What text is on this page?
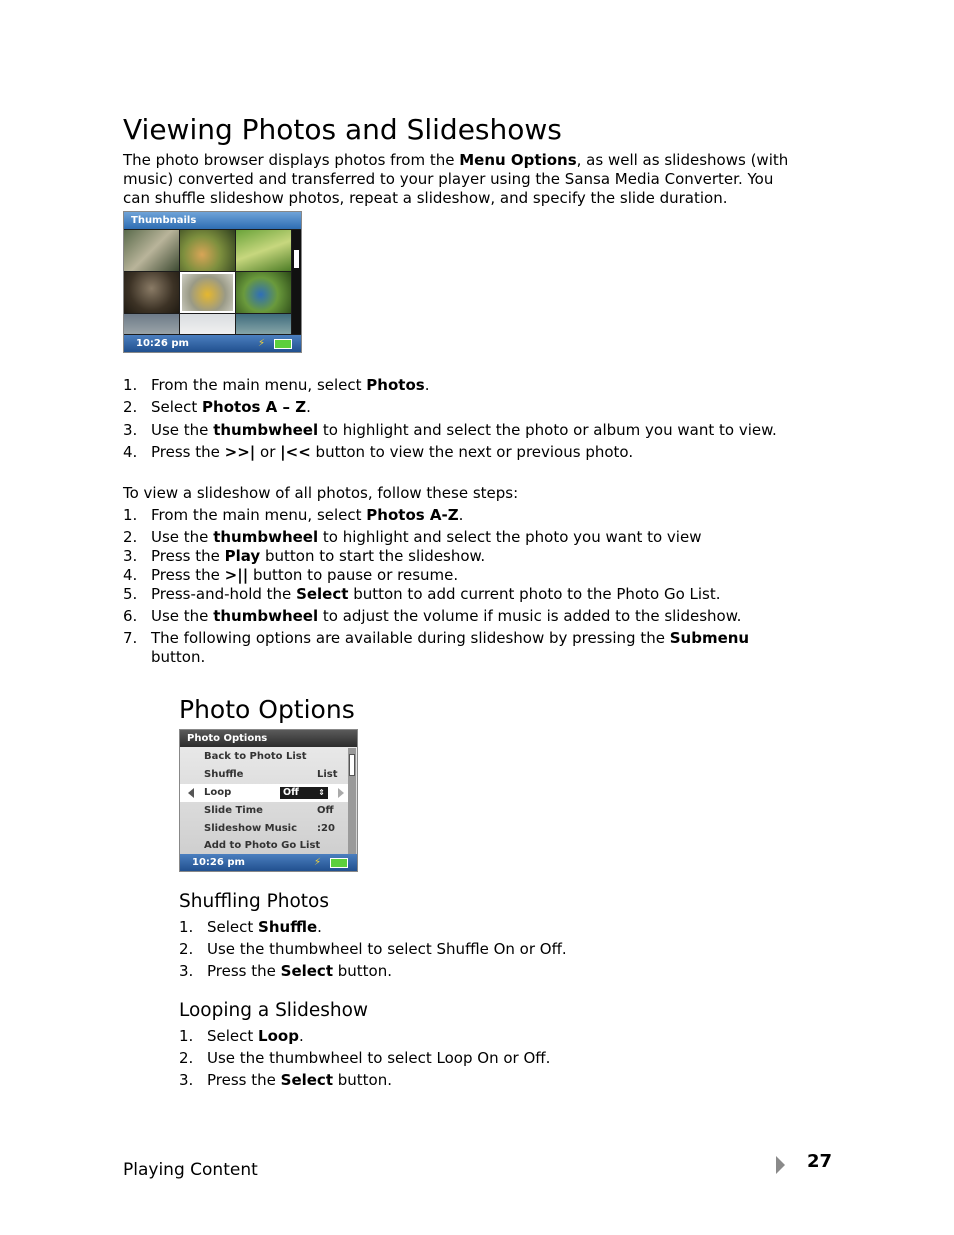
Viewing Photos and Slideshows
The photo browser displays photos from the Menu Options, as well as slideshows (with
music) converted and transferred to your player using the Sansa Media Converter. You
can shuffle slideshow photos, repeat a slideshow, and specify the slide duration.
Thumbnails
10:26 pm	⚡
1. From the main menu, select Photos.
2. Select Photos A – Z.
3. Use the thumbwheel to highlight and select the photo or album you want to view.
4. Press the >>| or |<< button to view the next or previous photo.
To view a slideshow of all photos, follow these steps:
1. From the main menu, select Photos A-Z.
2. Use the thumbwheel to highlight and select the photo you want to view
3. Press the Play button to start the slideshow.
4. Press the >|| button to pause or resume.
5. Press-and-hold the Select button to add current photo to the Photo Go List.
6. Use the thumbwheel to adjust the volume if music is added to the slideshow.
7. The following options are available during slideshow by pressing the Submenu
button.
Photo Options
Photo Options
Back to Photo List
Shuffle	List
Loop	Off ⇕
Slide Time	Off
Slideshow Music :20
Add to Photo Go List
10:26 pm	⚡
Shuffling Photos
1. Select Shuffle.
2. Use the thumbwheel to select Shuffle On or Off.
3. Press the Select button.
Looping a Slideshow
1. Select Loop.
2. Use the thumbwheel to select Loop On or Off.
3. Press the Select button.
Playing Content	27
